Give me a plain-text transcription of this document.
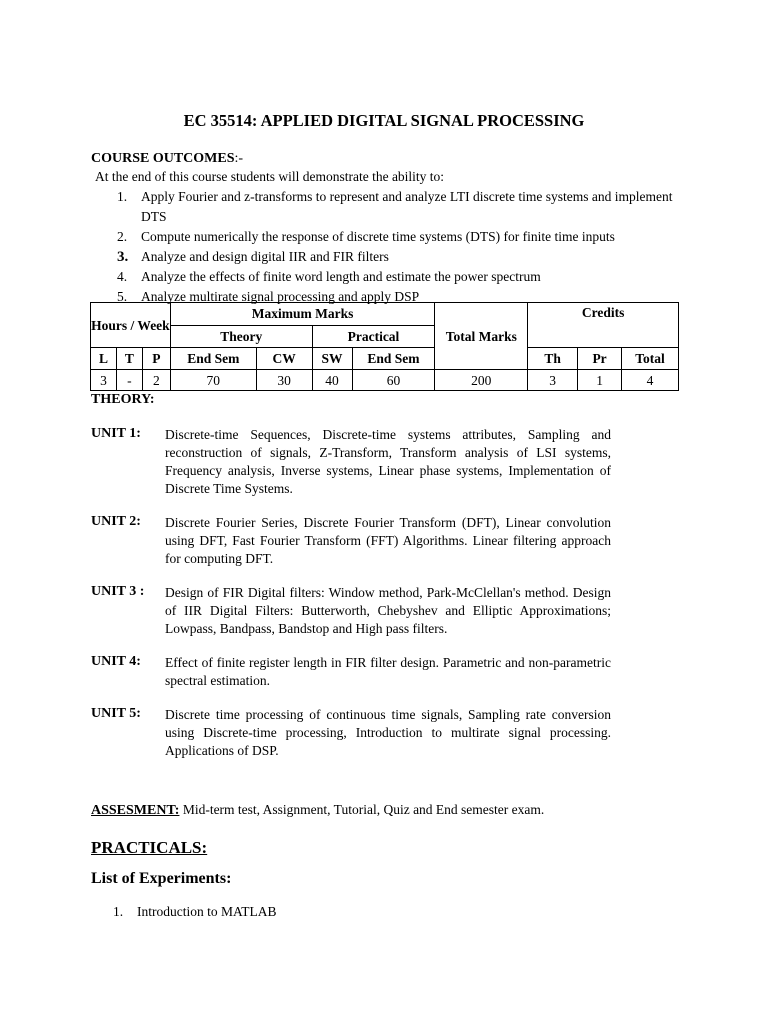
EC 35514: APPLIED DIGITAL SIGNAL PROCESSING
COURSE OUTCOMES:-
At the end of this course students will demonstrate the ability to:
1.	Apply Fourier and z-transforms to represent and analyze LTI discrete time systems and implement DTS
2.	Compute numerically the response of discrete time systems (DTS) for finite time inputs
3. Analyze and design digital IIR and FIR filters
4.	Analyze the effects of finite word length and estimate the power spectrum
5.	Analyze multirate signal processing and apply DSP
Hours / Week			Maximum Marks				Total Marks	Credits		
			Theory		Practical					
L	T	P	End Sem	CW	SW	End Sem		Th	Pr	Total
3	-	2	70	30	40	60	200	3	1	4
THEORY:
UNIT 1: Discrete-time Sequences, Discrete-time systems attributes, Sampling and reconstruction of signals, Z-Transform, Transform analysis of LSI systems, Frequency analysis, Inverse systems, Linear phase systems, Implementation of Discrete Time Systems.
UNIT 2: Discrete Fourier Series, Discrete Fourier Transform (DFT), Linear convolution using DFT, Fast Fourier Transform (FFT) Algorithms. Linear filtering approach for computing DFT.
UNIT 3 : Design of FIR Digital filters: Window method, Park-McClellan's method. Design of IIR Digital Filters: Butterworth, Chebyshev and Elliptic Approximations; Lowpass, Bandpass, Bandstop and High pass filters.
UNIT 4: Effect of finite register length in FIR filter design. Parametric and non-parametric spectral estimation.
UNIT 5: Discrete time processing of continuous time signals, Sampling rate conversion using Discrete-time processing, Introduction to multirate signal processing. Applications of DSP.
ASSESMENT: Mid-term test, Assignment, Tutorial, Quiz and End semester exam.
PRACTICALS:
List of Experiments:
1.	Introduction to MATLAB
